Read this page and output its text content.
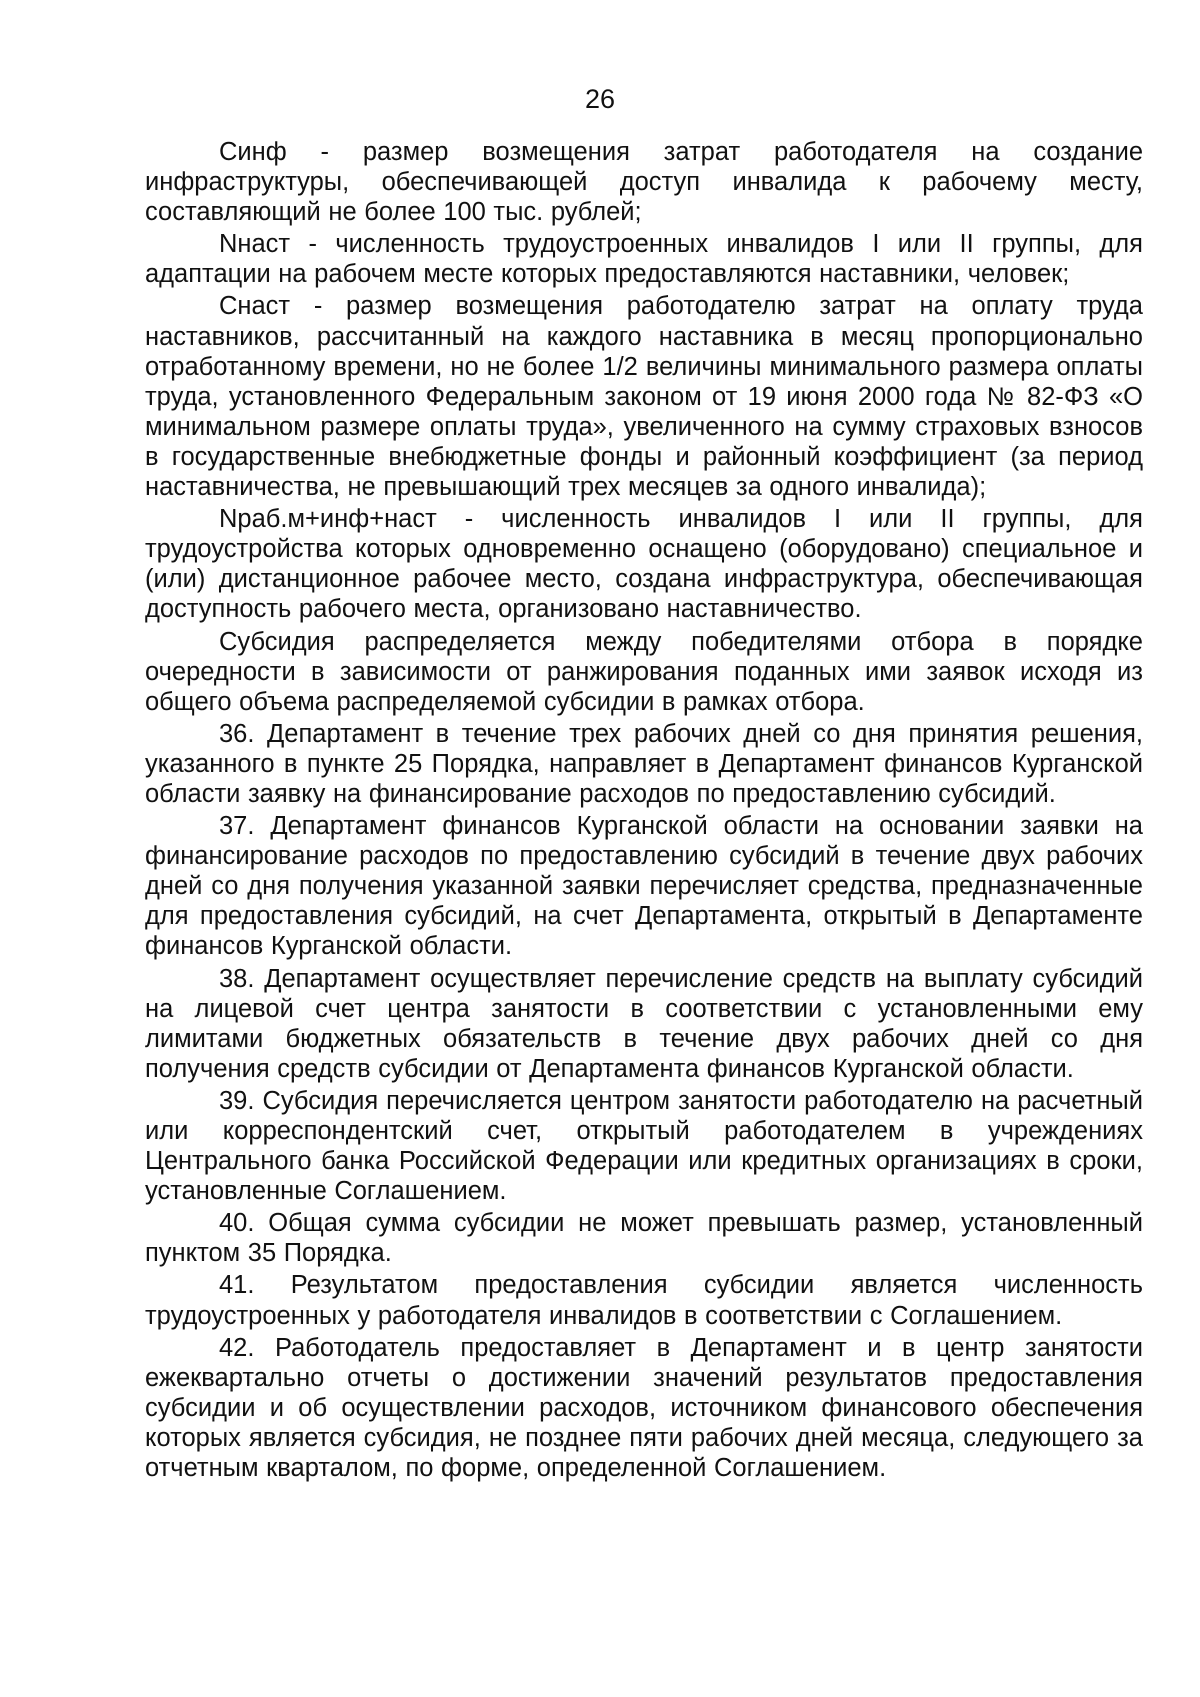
26

Синф - размер возмещения затрат работодателя на создание инфраструктуры, обеспечивающей доступ инвалида к рабочему месту, составляющий не более 100 тыс. рублей;

Nнаст - численность трудоустроенных инвалидов I или II группы, для адаптации на рабочем месте которых предоставляются наставники, человек;

Снаст - размер возмещения работодателю затрат на оплату труда наставников, рассчитанный на каждого наставника в месяц пропорционально отработанному времени, но не более 1/2 величины минимального размера оплаты труда, установленного Федеральным законом от 19 июня 2000 года № 82-ФЗ «О минимальном размере оплаты труда», увеличенного на сумму страховых взносов в государственные внебюджетные фонды и районный коэффициент (за период наставничества, не превышающий трех месяцев за одного инвалида);

Nраб.м+инф+наст - численность инвалидов I или II группы, для трудоустройства которых одновременно оснащено (оборудовано) специальное и (или) дистанционное рабочее место, создана инфраструктура, обеспечивающая доступность рабочего места, организовано наставничество.

Субсидия распределяется между победителями отбора в порядке очередности в зависимости от ранжирования поданных ими заявок исходя из общего объема распределяемой субсидии в рамках отбора.

36. Департамент в течение трех рабочих дней со дня принятия решения, указанного в пункте 25 Порядка, направляет в Департамент финансов Курганской области заявку на финансирование расходов по предоставлению субсидий.

37. Департамент финансов Курганской области на основании заявки на финансирование расходов по предоставлению субсидий в течение двух рабочих дней со дня получения указанной заявки перечисляет средства, предназначенные для предоставления субсидий, на счет Департамента, открытый в Департаменте финансов Курганской области.

38. Департамент осуществляет перечисление средств на выплату субсидий на лицевой счет центра занятости в соответствии с установленными ему лимитами бюджетных обязательств в течение двух рабочих дней со дня получения средств субсидии от Департамента финансов Курганской области.

39. Субсидия перечисляется центром занятости работодателю на расчетный или корреспондентский счет, открытый работодателем в учреждениях Центрального банка Российской Федерации или кредитных организациях в сроки, установленные Соглашением.

40. Общая сумма субсидии не может превышать размер, установленный пунктом 35 Порядка.

41. Результатом предоставления субсидии является численность трудоустроенных у работодателя инвалидов в соответствии с Соглашением.

42. Работодатель предоставляет в Департамент и в центр занятости ежеквартально отчеты о достижении значений результатов предоставления субсидии и об осуществлении расходов, источником финансового обеспечения которых является субсидия, не позднее пяти рабочих дней месяца, следующего за отчетным кварталом, по форме, определенной Соглашением.
